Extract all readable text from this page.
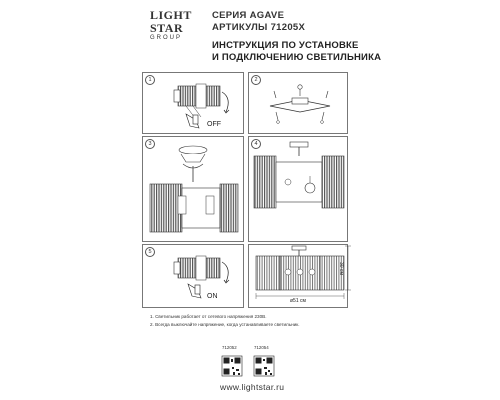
LIGHT
STAR
GROUP
СЕРИЯ AGAVE
АРТИКУЛЫ 71205X
ИНСТРУКЦИЯ ПО УСТАНОВКЕ
И ПОДКЛЮЧЕНИЮ СВЕТИЛЬНИКА
1	2
3	4
5
OFF
ON
ø51 см
30 см
1. Светильник работает от сетевого напряжения 230В.
2. Всегда выключайте напряжение, когда устанавливаете светильник.
712052	712054
www.lightstar.ru
